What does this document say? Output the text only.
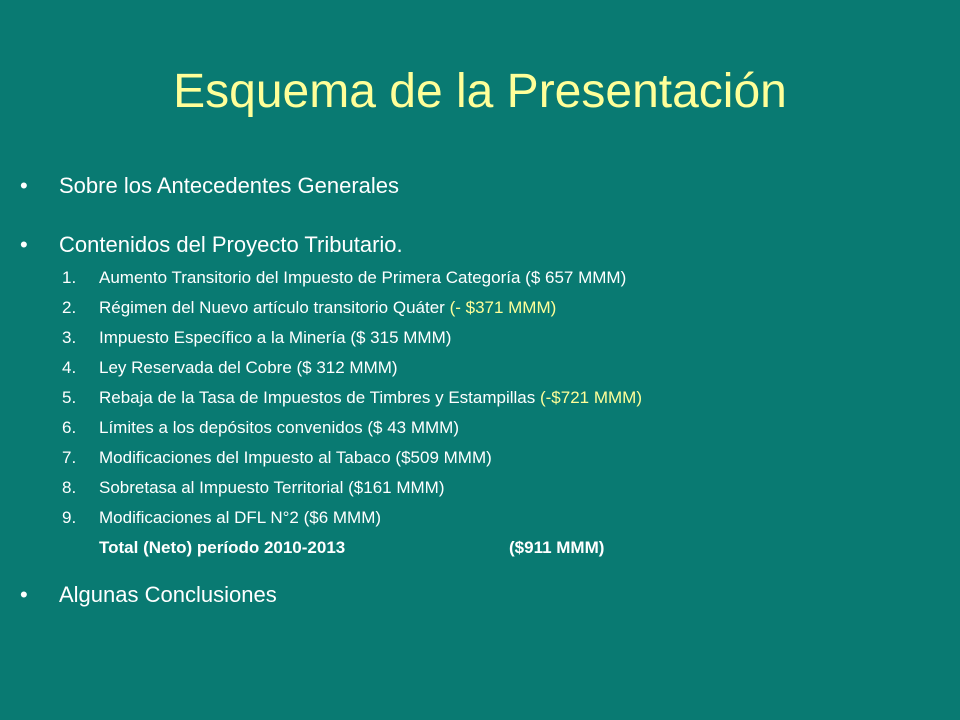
Esquema de la Presentación
• Sobre los Antecedentes Generales
• Contenidos del Proyecto Tributario.
1.	Aumento Transitorio del Impuesto de Primera Categoría ($ 657 MMM)
2.	Régimen del Nuevo artículo transitorio Quáter (- $371 MMM)
3.	Impuesto Específico a la Minería ($ 315 MMM)
4.	Ley Reservada del Cobre ($ 312 MMM)
5.	Rebaja de la Tasa de Impuestos de Timbres y Estampillas (-$721 MMM)
6.	Límites a los depósitos convenidos ($ 43 MMM)
7.	Modificaciones del Impuesto al Tabaco ($509 MMM)
8.	Sobretasa al Impuesto Territorial ($161 MMM)
9.	Modificaciones al DFL N°2 ($6 MMM)
Total (Neto) período 2010-2013	($911 MMM)
• Algunas Conclusiones
